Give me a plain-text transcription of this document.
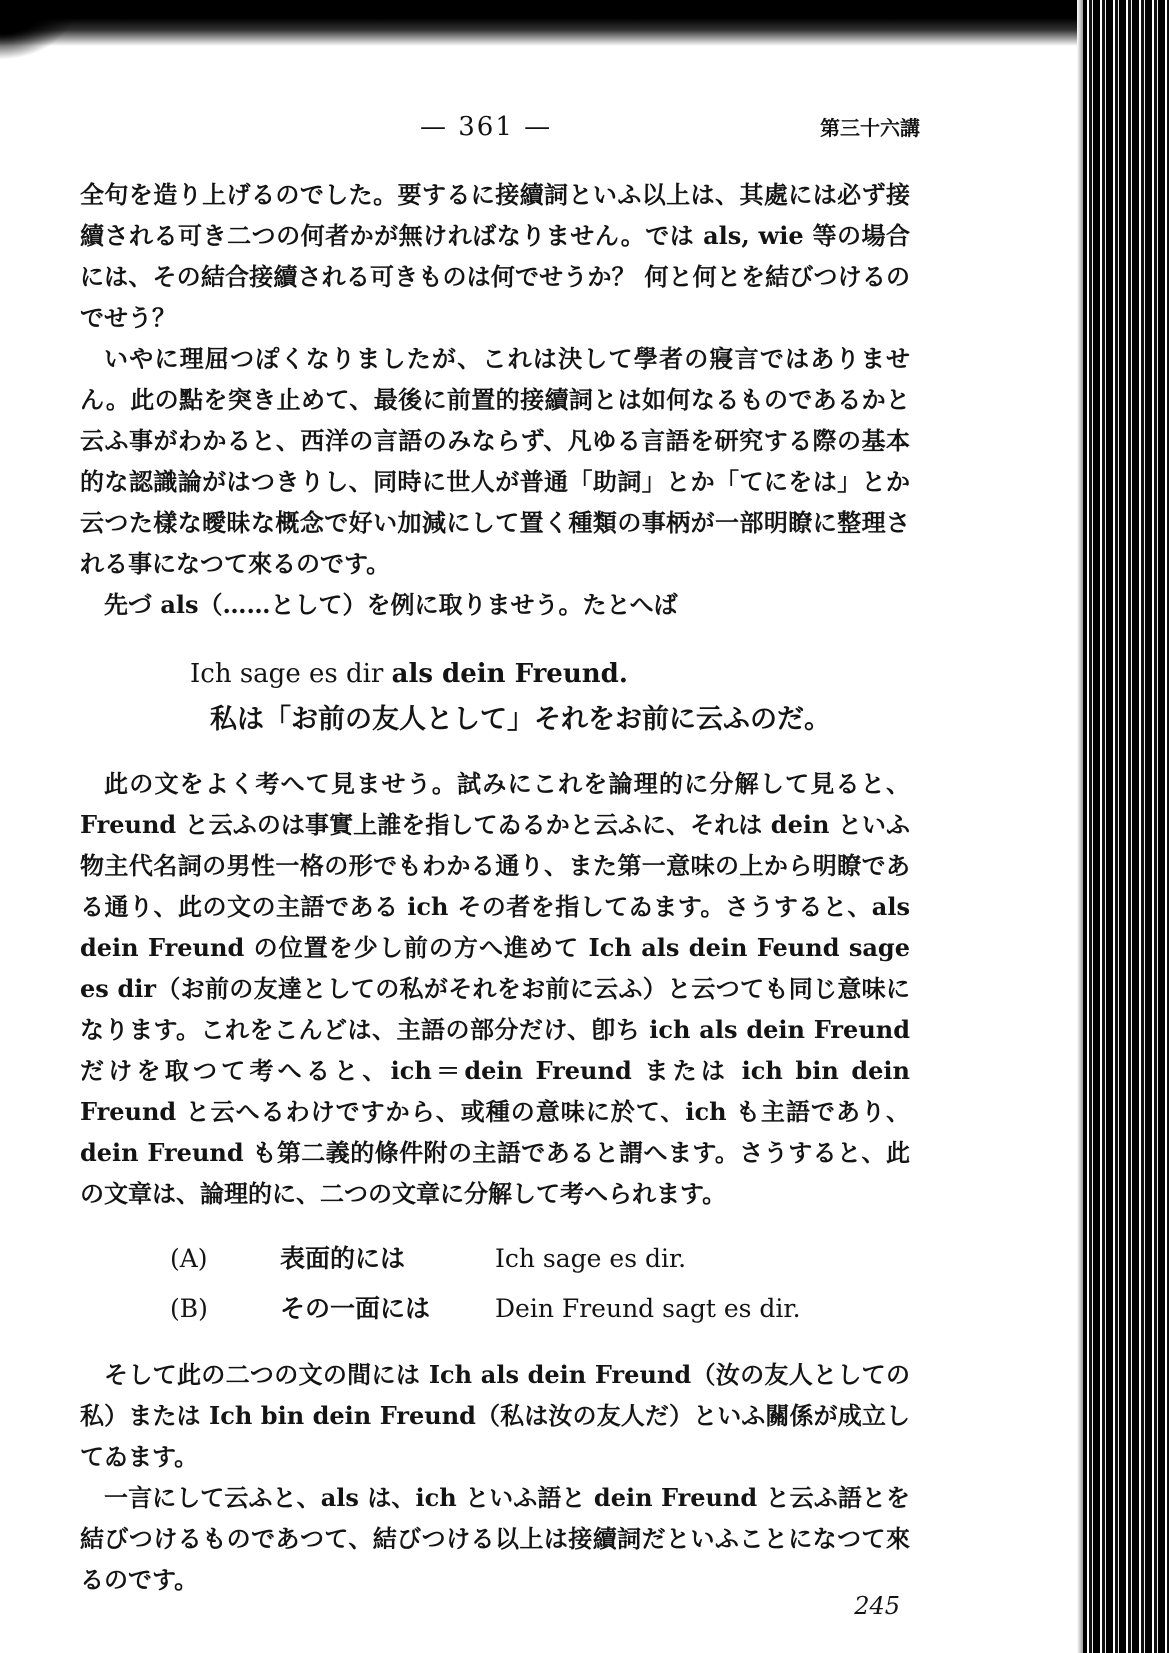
— 361 —	第三十六講

全句を造り上げるのでした。要するに接續詞といふ以上は、其處には必ず接續される可き二つの何者かが無ければなりません。では als, wie 等の場合には、その結合接續される可きものは何でせうか？ 何と何とを結びつけるのでせう？

いやに理屈つぽくなりましたが、これは決して學者の寢言ではありません。此の點を突き止めて、最後に前置的接續詞とは如何なるものであるかと云ふ事がわかると、西洋の言語のみならず、凡ゆる言語を研究する際の基本的な認識論がはつきりし、同時に世人が普通「助詞」とか「てにをは」とか云つた樣な曖昧な概念で好い加減にして置く種類の事柄が一部明瞭に整理される事になつて來るのです。

先づ als（……として）を例に取りませう。たとへば

Ich sage es dir als dein Freund.
私は「お前の友人として」それをお前に云ふのだ。

此の文をよく考へて見ませう。試みにこれを論理的に分解して見ると、Freund と云ふのは事實上誰を指してゐるかと云ふに、それは dein といふ物主代名詞の男性一格の形でもわかる通り、また第一意味の上から明瞭である通り、此の文の主語である ich その者を指してゐます。さうすると、als dein Freund の位置を少し前の方へ進めて Ich als dein Feund sage es dir（お前の友達としての私がそれをお前に云ふ）と云つても同じ意味になります。これをこんどは、主語の部分だけ、卽ち ich als dein Freund だけを取つて考へると、ich＝dein Freund または ich bin dein Freund と云へるわけですから、或種の意味に於て、ich も主語であり、dein Freund も第二義的條件附の主語であると謂へます。さうすると、此の文章は、論理的に、二つの文章に分解して考へられます。

(A)	表面的には	Ich sage es dir.
(B)	その一面には	Dein Freund sagt es dir.

そして此の二つの文の間には Ich als dein Freund（汝の友人としての私）または Ich bin dein Freund（私は汝の友人だ）といふ關係が成立してゐます。

一言にして云ふと、als は、ich といふ語と dein Freund と云ふ語とを結びつけるものであつて、結びつける以上は接續詞だといふことになつて來るのです。

245
